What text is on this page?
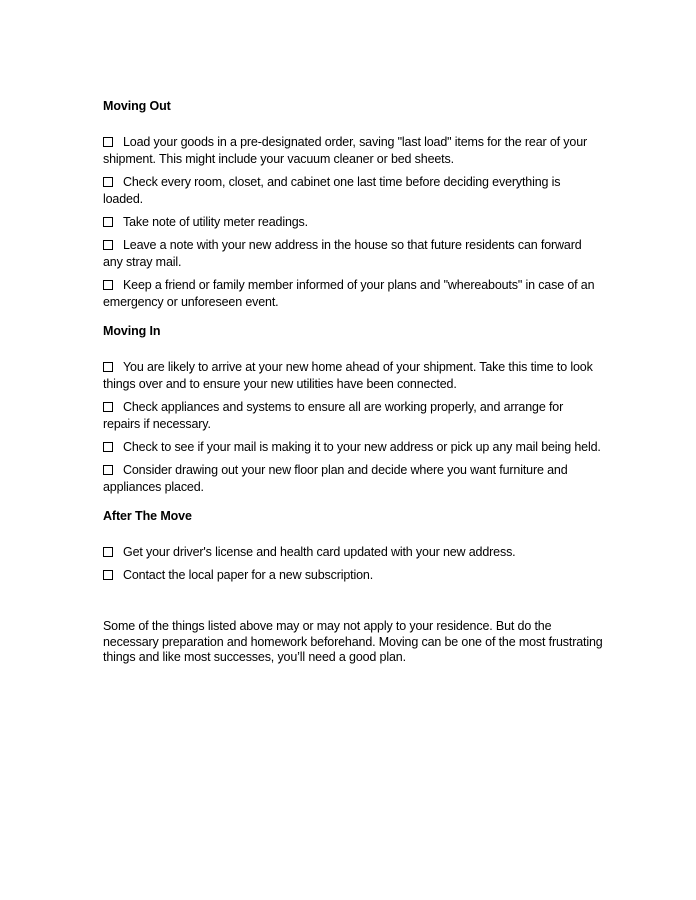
Moving Out
Load your goods in a pre-designated order, saving "last load" items for the rear of your shipment. This might include your vacuum cleaner or bed sheets.
Check every room, closet, and cabinet one last time before deciding everything is loaded.
Take note of utility meter readings.
Leave a note with your new address in the house so that future residents can forward any stray mail.
Keep a friend or family member informed of your plans and "whereabouts" in case of an emergency or unforeseen event.
Moving In
You are likely to arrive at your new home ahead of your shipment. Take this time to look things over and to ensure your new utilities have been connected.
Check appliances and systems to ensure all are working properly, and arrange for repairs if necessary.
Check to see if your mail is making it to your new address or pick up any mail being held.
Consider drawing out your new floor plan and decide where you want furniture and appliances placed.
After The Move
Get your driver's license and health card updated with your new address.
Contact the local paper for a new subscription.

Some of the things listed above may or may not apply to your residence. But do the necessary preparation and homework beforehand. Moving can be one of the most frustrating things and like most successes, you’ll need a good plan.
